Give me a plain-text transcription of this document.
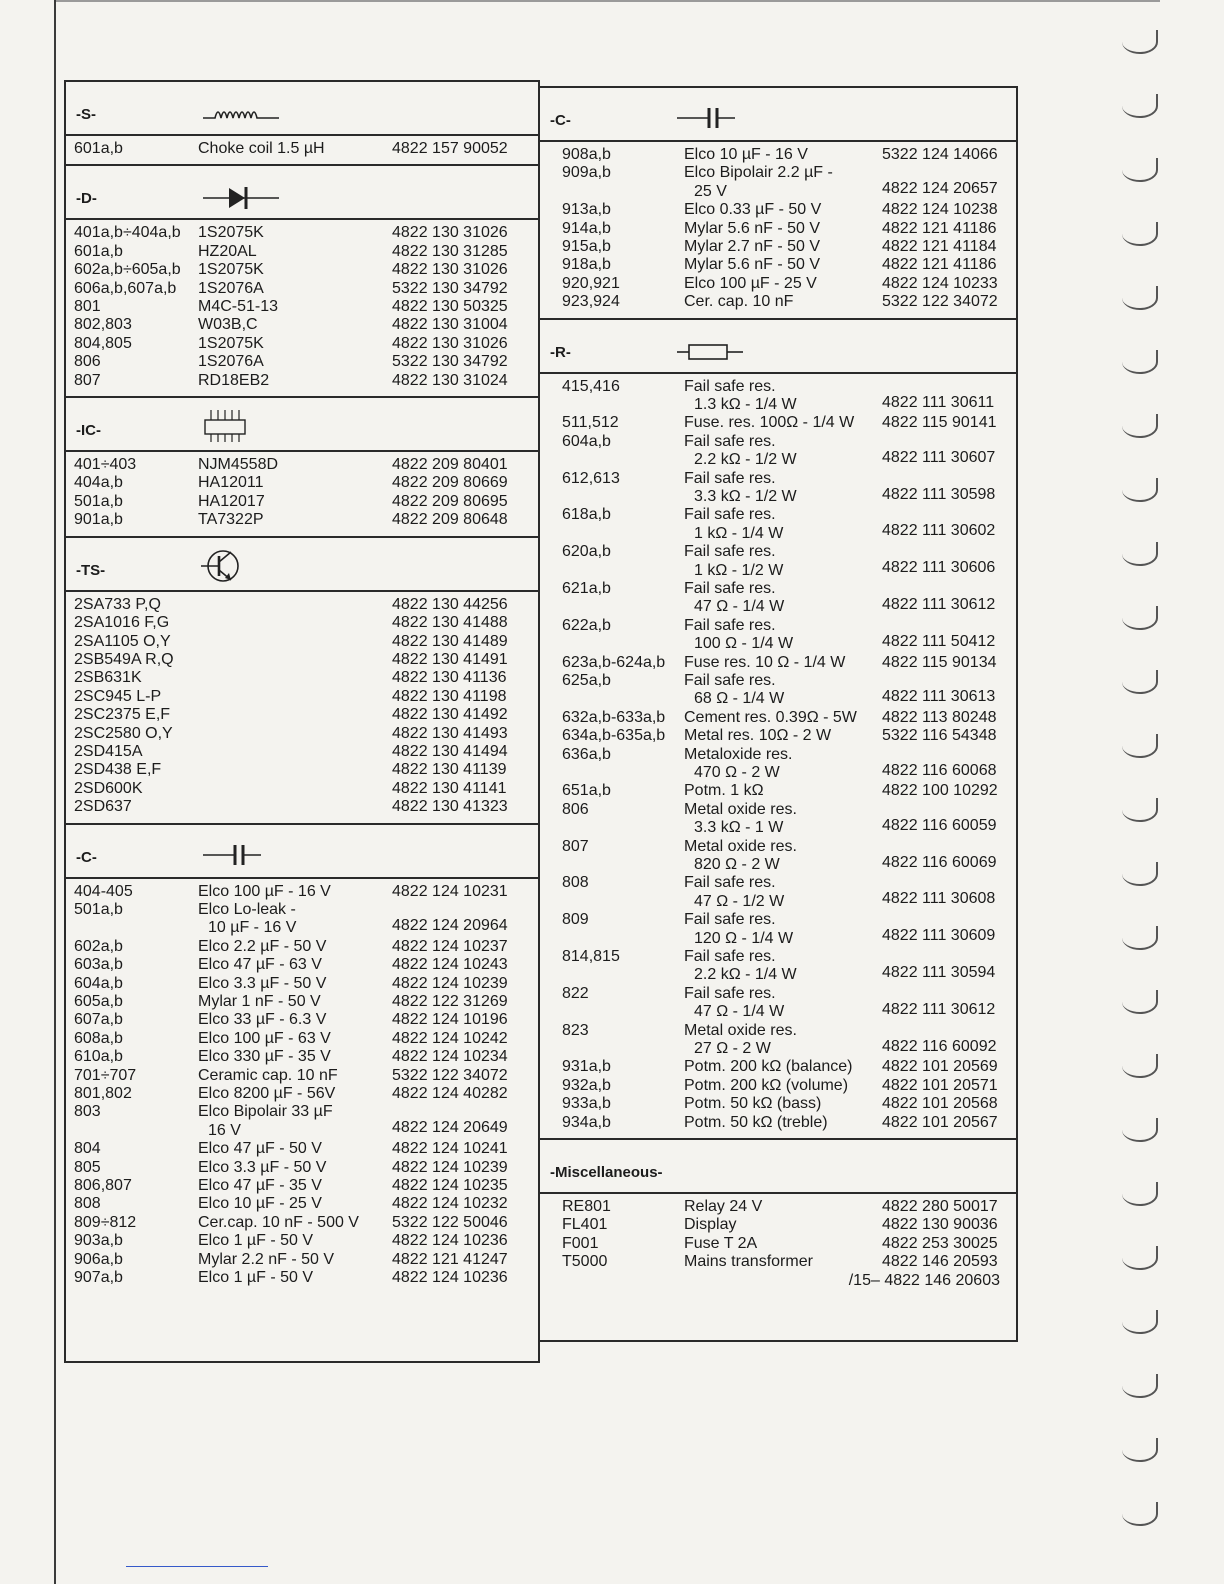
-S-
601a,b	Choke coil 1.5 µH	4822 157 90052
-D-
401a,b÷404a,b	1S2075K	4822 130 31026
601a,b	HZ20AL	4822 130 31285
602a,b÷605a,b	1S2075K	4822 130 31026
606a,b,607a,b	1S2076A	5322 130 34792
801	M4C-51-13	4822 130 50325
802,803	W03B,C	4822 130 31004
804,805	1S2075K	4822 130 31026
806	1S2076A	5322 130 34792
807	RD18EB2	4822 130 31024
-IC-
401÷403	NJM4558D	4822 209 80401
404a,b	HA12011	4822 209 80669
501a,b	HA12017	4822 209 80695
901a,b	TA7322P	4822 209 80648
-TS-
2SA733 P,Q	4822 130 44256
2SA1016 F,G	4822 130 41488
2SA1105 O,Y	4822 130 41489
2SB549A R,Q	4822 130 41491
2SB631K	4822 130 41136
2SC945 L-P	4822 130 41198
2SC2375 E,F	4822 130 41492
2SC2580 O,Y	4822 130 41493
2SD415A	4822 130 41494
2SD438 E,F	4822 130 41139
2SD600K	4822 130 41141
2SD637	4822 130 41323
-C-
404-405	Elco 100 µF - 16 V	4822 124 10231
501a,b	Elco Lo-leak -
10 µF - 16 V	4822 124 20964
602a,b	Elco 2.2 µF - 50 V	4822 124 10237
603a,b	Elco 47 µF - 63 V	4822 124 10243
604a,b	Elco 3.3 µF - 50 V	4822 124 10239
605a,b	Mylar 1 nF - 50 V	4822 122 31269
607a,b	Elco 33 µF - 6.3 V	4822 124 10196
608a,b	Elco 100 µF - 63 V	4822 124 10242
610a,b	Elco 330 µF - 35 V	4822 124 10234
701÷707	Ceramic cap. 10 nF	5322 122 34072
801,802	Elco 8200 µF - 56V	4822 124 40282
803	Elco Bipolair 33 µF
16 V	4822 124 20649
804	Elco 47 µF - 50 V	4822 124 10241
805	Elco 3.3 µF - 50 V	4822 124 10239
806,807	Elco 47 µF - 35 V	4822 124 10235
808	Elco 10 µF - 25 V	4822 124 10232
809÷812	Cer.cap. 10 nF - 500 V	5322 122 50046
903a,b	Elco 1 µF - 50 V	4822 124 10236
906a,b	Mylar 2.2 nF - 50 V	4822 121 41247
907a,b	Elco 1 µF - 50 V	4822 124 10236
-C-
908a,b	Elco 10 µF - 16 V	5322 124 14066
909a,b	Elco Bipolair 2.2 µF -
25 V	4822 124 20657
913a,b	Elco 0.33 µF - 50 V	4822 124 10238
914a,b	Mylar 5.6 nF - 50 V	4822 121 41186
915a,b	Mylar 2.7 nF - 50 V	4822 121 41184
918a,b	Mylar 5.6 nF - 50 V	4822 121 41186
920,921	Elco 100 µF - 25 V	4822 124 10233
923,924	Cer. cap. 10 nF	5322 122 34072
-R-
415,416	Fail safe res.
1.3 kΩ - 1/4 W	4822 111 30611
511,512	Fuse. res. 100Ω - 1/4 W	4822 115 90141
604a,b	Fail safe res.
2.2 kΩ - 1/2 W	4822 111 30607
612,613	Fail safe res.
3.3 kΩ - 1/2 W	4822 111 30598
618a,b	Fail safe res.
1 kΩ - 1/4 W	4822 111 30602
620a,b	Fail safe res.
1 kΩ - 1/2 W	4822 111 30606
621a,b	Fail safe res.
47 Ω - 1/4 W	4822 111 30612
622a,b	Fail safe res.
100 Ω - 1/4 W	4822 111 50412
623a,b-624a,b	Fuse res. 10 Ω - 1/4 W	4822 115 90134
625a,b	Fail safe res.
68 Ω - 1/4 W	4822 111 30613
632a,b-633a,b	Cement res. 0.39Ω - 5W	4822 113 80248
634a,b-635a,b	Metal res. 10Ω - 2 W	5322 116 54348
636a,b	Metaloxide res.
470 Ω - 2 W	4822 116 60068
651a,b	Potm. 1 kΩ	4822 100 10292
806	Metal oxide res.
3.3 kΩ - 1 W	4822 116 60059
807	Metal oxide res.
820 Ω - 2 W	4822 116 60069
808	Fail safe res.
47 Ω - 1/2 W	4822 111 30608
809	Fail safe res.
120 Ω - 1/4 W	4822 111 30609
814,815	Fail safe res.
2.2 kΩ - 1/4 W	4822 111 30594
822	Fail safe res.
47 Ω - 1/4 W	4822 111 30612
823	Metal oxide res.
27 Ω - 2 W	4822 116 60092
931a,b	Potm. 200 kΩ (balance)	4822 101 20569
932a,b	Potm. 200 kΩ (volume)	4822 101 20571
933a,b	Potm. 50 kΩ (bass)	4822 101 20568
934a,b	Potm. 50 kΩ (treble)	4822 101 20567
-Miscellaneous-
RE801	Relay 24 V	4822 280 50017
FL401	Display	4822 130 90036
F001	Fuse T 2A	4822 253 30025
T5000	Mains transformer	4822 146 20593
/15– 4822 146 20603
